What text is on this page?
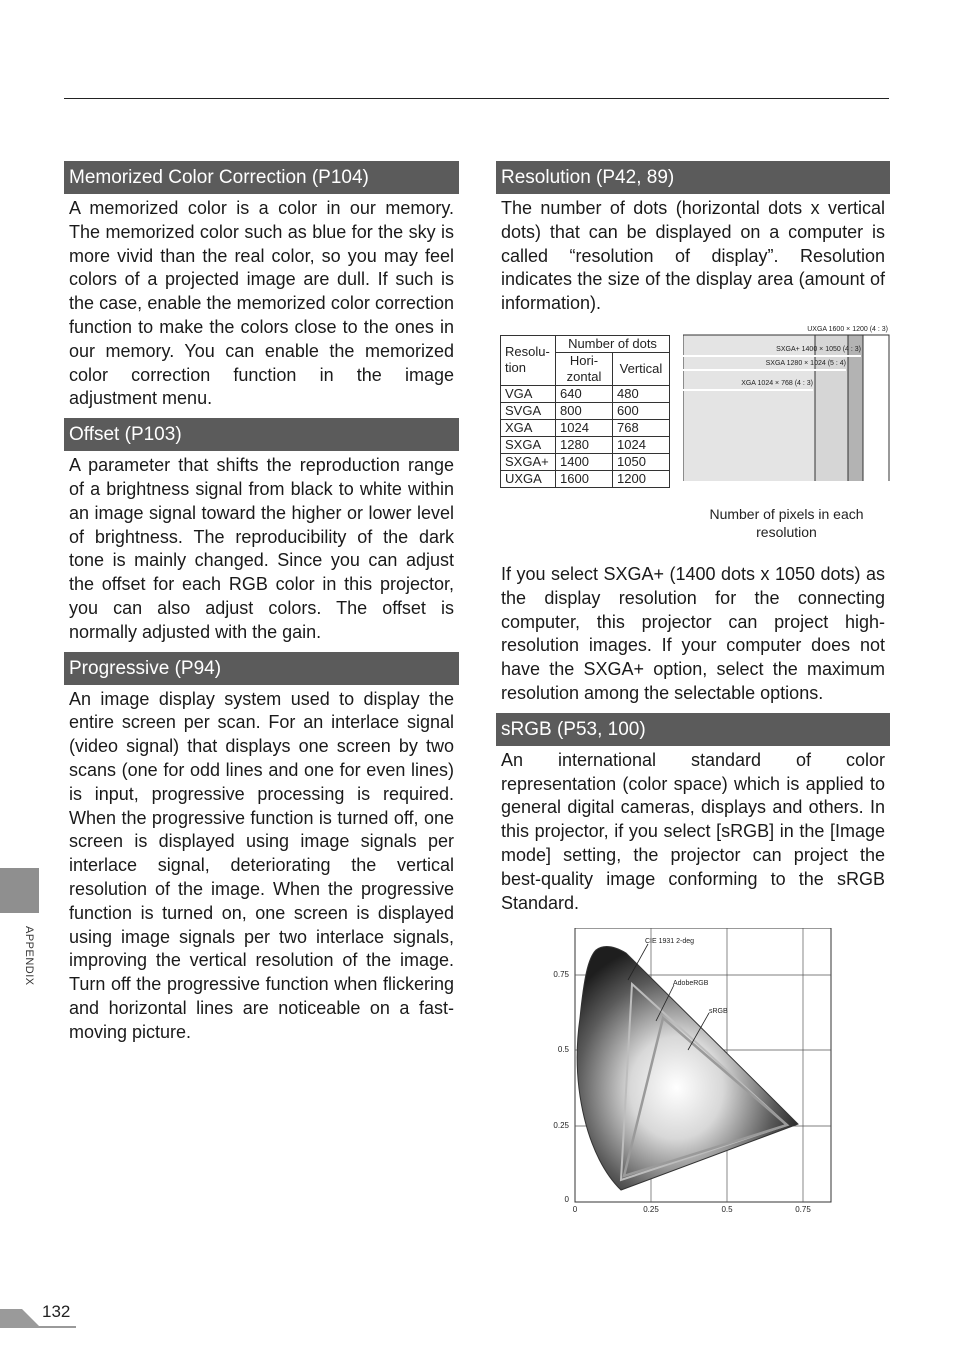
Memorized Color Correction (P104)

A memorized color is a color in our memory. The memorized color such as blue for the sky is more vivid than the real color, so you may feel colors of a projected image are dull. If such is the case, enable the memorized color correction function to make the colors close to the ones in our memory. You can enable the memorized color correction function in the image adjustment menu.

Offset (P103)

A parameter that shifts the reproduction range of a brightness signal from black to white within an image signal toward the higher or lower level of brightness. The reproducibility of the dark tone is mainly changed. Since you can adjust the offset for each RGB color in this projector, you can also adjust colors. The offset is normally adjusted with the gain.

Progressive (P94)

An image display system used to display the entire screen per scan. For an interlace signal (video signal) that displays one screen by two scans (one for odd lines and one for even lines) is input, progressive processing is required. When the progressive function is turned off, one screen is displayed using image signals per interlace signal, deteriorating the vertical resolution of the image. When the progressive function is turned on, one screen is displayed using image signals per two interlace signals, improving the vertical resolution of the image. Turn off the progressive function when flickering and horizontal lines are noticeable on a fast-moving picture.

Resolution (P42, 89)

The number of dots (horizontal dots x vertical dots) that can be displayed on a computer is called “resolution of display”. Resolution indicates the size of the display area (amount of information).

Resolu-tion	Number of dots	
	Hori-zontal	Vertical
VGA	640	480
SVGA	800	600
XGA	1024	768
SXGA	1280	1024
SXGA+	1400	1050
UXGA	1600	1200
UXGA 1600 × 1200 (4 : 3)
SXGA+ 1400 × 1050 (4 : 3)
SXGA 1280 × 1024 (5 : 4)
XGA 1024 × 768 (4 : 3)
Number of pixels in each resolution

If you select SXGA+ (1400 dots x 1050 dots) as the display resolution for the connecting computer, this projector can project high-resolution images. If your computer does not have the SXGA+ option, select the maximum resolution among the selectable options.

sRGB (P53, 100)

An international standard of color representation (color space) which is applied to general digital cameras, displays and others. In this projector, if you select [sRGB] in the [Image mode] setting, the projector can project the best-quality image conforming to the sRGB Standard.

CIE 1931 2-deg
AdobeRGB
sRGB
0.75
0.5
0.25
0
0	0.25	0.5	0.75
APPENDIX
132
